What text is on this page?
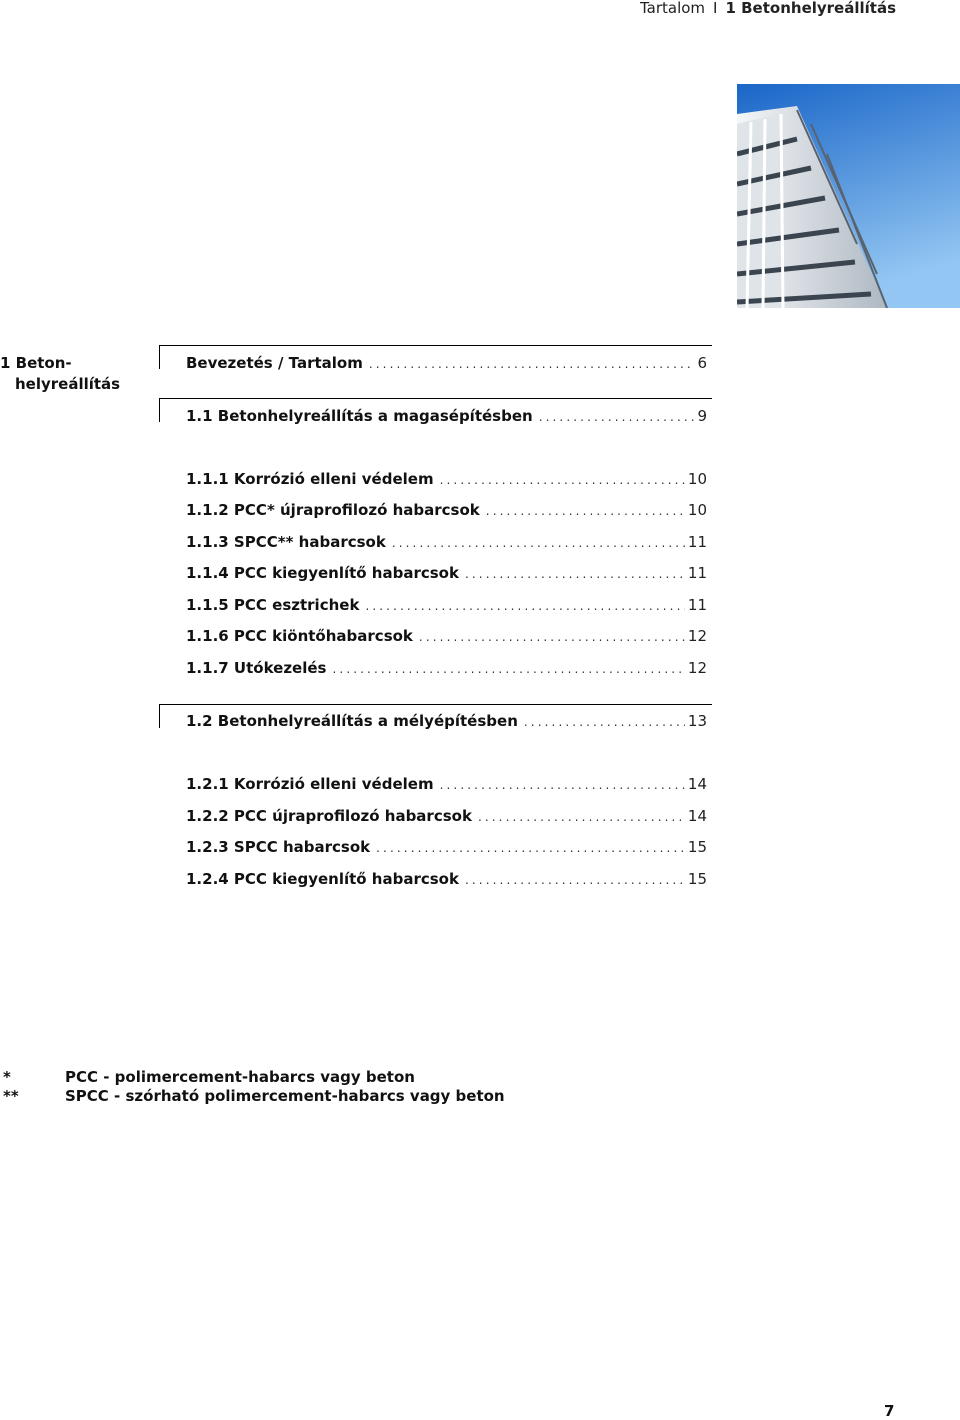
Tartalom I 1 Betonhelyreállítás
1 Beton-
helyreállítás
Bevezetés / Tartalom .....	6
1.1 Betonhelyreállítás a magasépítésben .....	9
1.1.1 Korrózió elleni védelem .....	10
1.1.2 PCC* újraprofilozó habarcsok .....	10
1.1.3 SPCC** habarcsok .....	11
1.1.4 PCC kiegyenlítő habarcsok .....	11
1.1.5 PCC esztrichek .....	11
1.1.6 PCC kiöntőhabarcsok .....	12
1.1.7 Utókezelés .....	12
1.2 Betonhelyreállítás a mélyépítésben .....	13
1.2.1 Korrózió elleni védelem .....	14
1.2.2 PCC újraprofilozó habarcsok .....	14
1.2.3 SPCC habarcsok .....	15
1.2.4 PCC kiegyenlítő habarcsok .....	15
*	PCC - polimercement-habarcs vagy beton
**	SPCC - szórható polimercement-habarcs vagy beton
7
